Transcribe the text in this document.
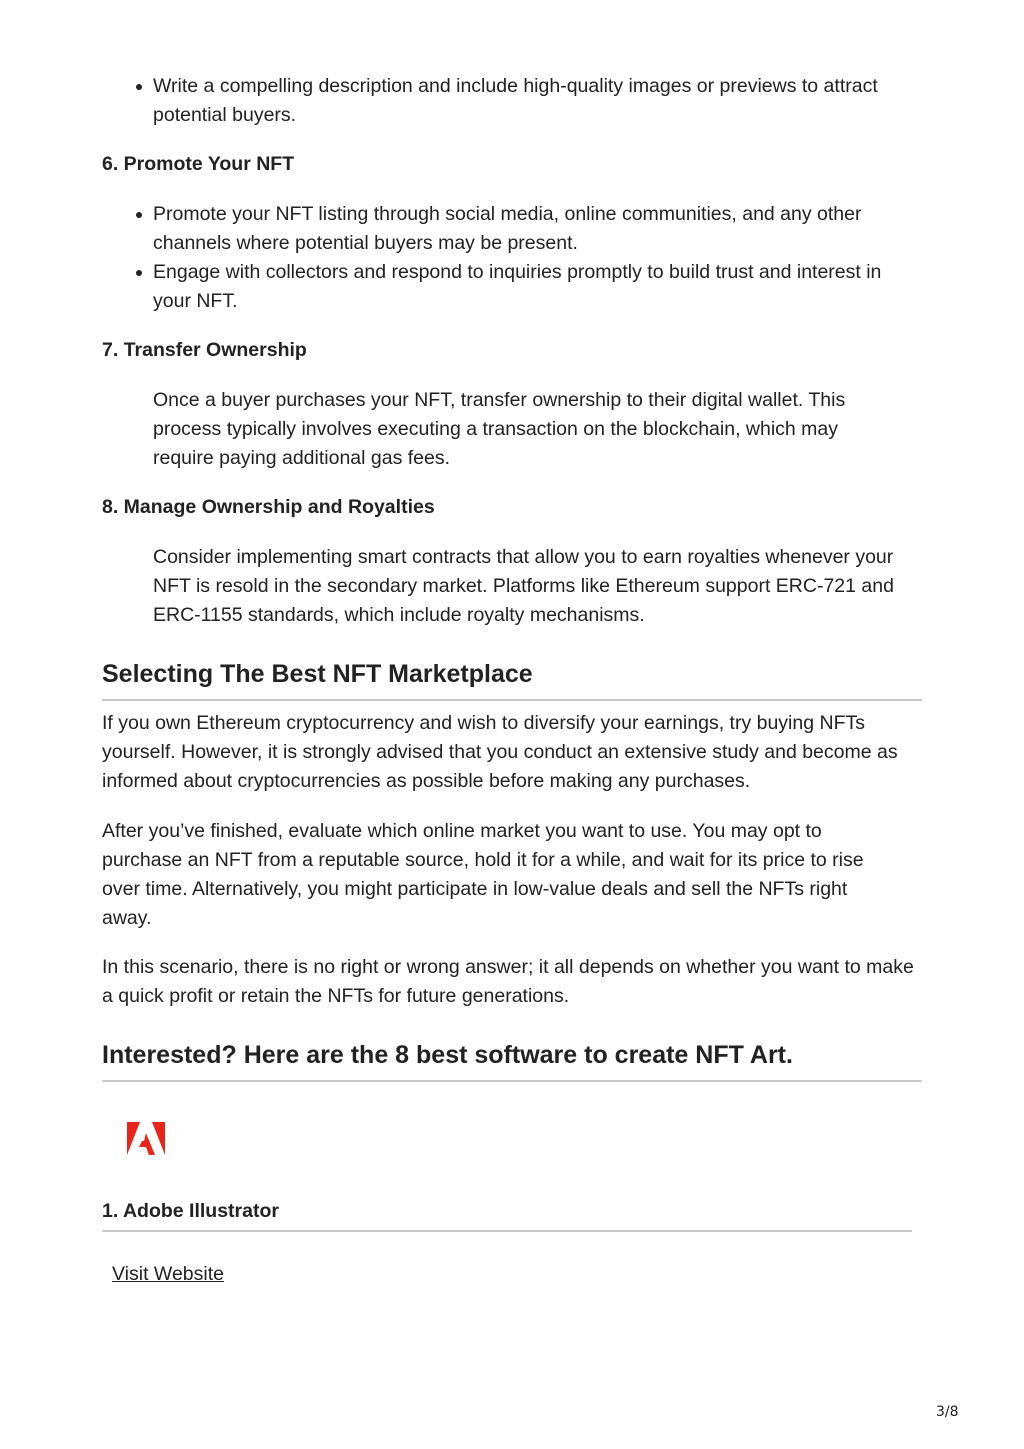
Write a compelling description and include high-quality images or previews to attract potential buyers.
6. Promote Your NFT
Promote your NFT listing through social media, online communities, and any other channels where potential buyers may be present.
Engage with collectors and respond to inquiries promptly to build trust and interest in your NFT.
7. Transfer Ownership

Once a buyer purchases your NFT, transfer ownership to their digital wallet. This process typically involves executing a transaction on the blockchain, which may require paying additional gas fees.

8. Manage Ownership and Royalties

Consider implementing smart contracts that allow you to earn royalties whenever your NFT is resold in the secondary market. Platforms like Ethereum support ERC-721 and ERC-1155 standards, which include royalty mechanisms.

Selecting The Best NFT Marketplace

If you own Ethereum cryptocurrency and wish to diversify your earnings, try buying NFTs yourself. However, it is strongly advised that you conduct an extensive study and become as informed about cryptocurrencies as possible before making any purchases.

After you’ve finished, evaluate which online market you want to use. You may opt to purchase an NFT from a reputable source, hold it for a while, and wait for its price to rise over time. Alternatively, you might participate in low-value deals and sell the NFTs right away.

In this scenario, there is no right or wrong answer; it all depends on whether you want to make a quick profit or retain the NFTs for future generations.

Interested? Here are the 8 best software to create NFT Art.
1. Adobe Illustrator
Visit Website
3/8
